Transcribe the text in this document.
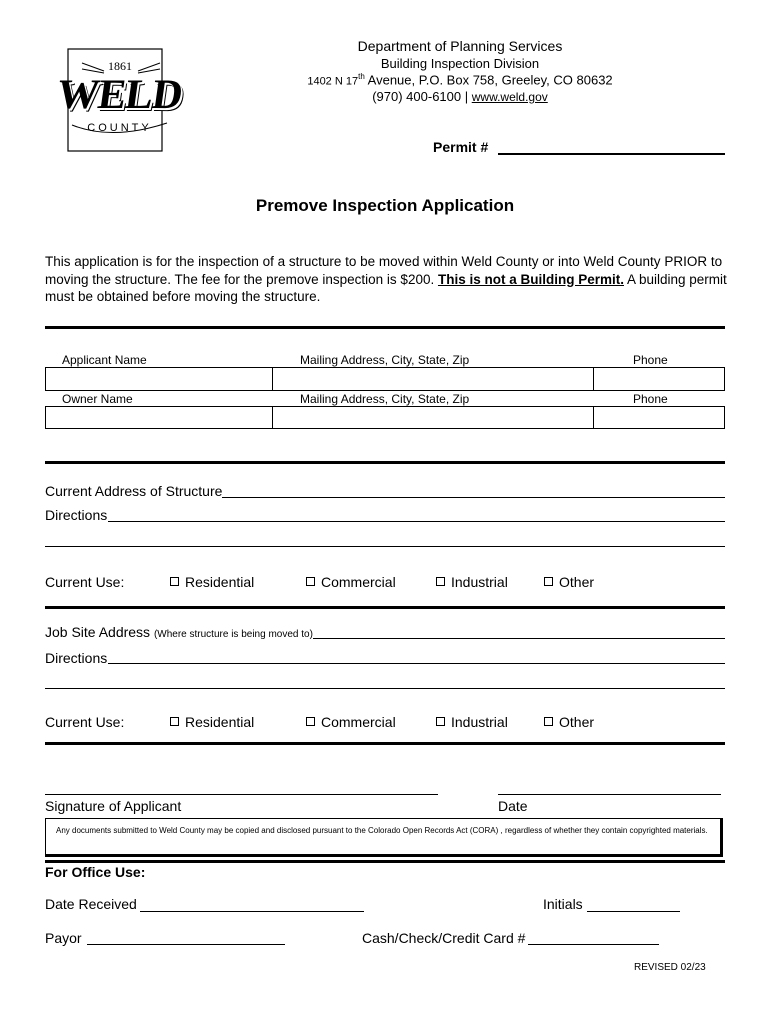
1861
WELD
COUNTY
Department of Planning Services
Building Inspection Division
1402 N 17th Avenue, P.O. Box 758, Greeley, CO 80632
(970) 400-6100 | www.weld.gov
Permit #
Premove Inspection Application
This application is for the inspection of a structure to be moved within Weld County or into Weld County PRIOR to moving the structure. The fee for the premove inspection is $200. This is not a Building Permit. A building permit must be obtained before moving the structure.
Applicant Name	Mailing Address, City, State, Zip	Phone
Owner Name	Mailing Address, City, State, Zip	Phone
Current Address of Structure
Directions
Current Use:	Residential	Commercial	Industrial	Other
Job Site Address (Where structure is being moved to)
Directions
Current Use:	Residential	Commercial	Industrial	Other
Signature of Applicant	Date
Any documents submitted to Weld County may be copied and disclosed pursuant to the Colorado Open Records Act (CORA) , regardless of whether they contain copyrighted materials.
For Office Use:
Date Received	Initials
Payor	Cash/Check/Credit Card #
REVISED 02/23
